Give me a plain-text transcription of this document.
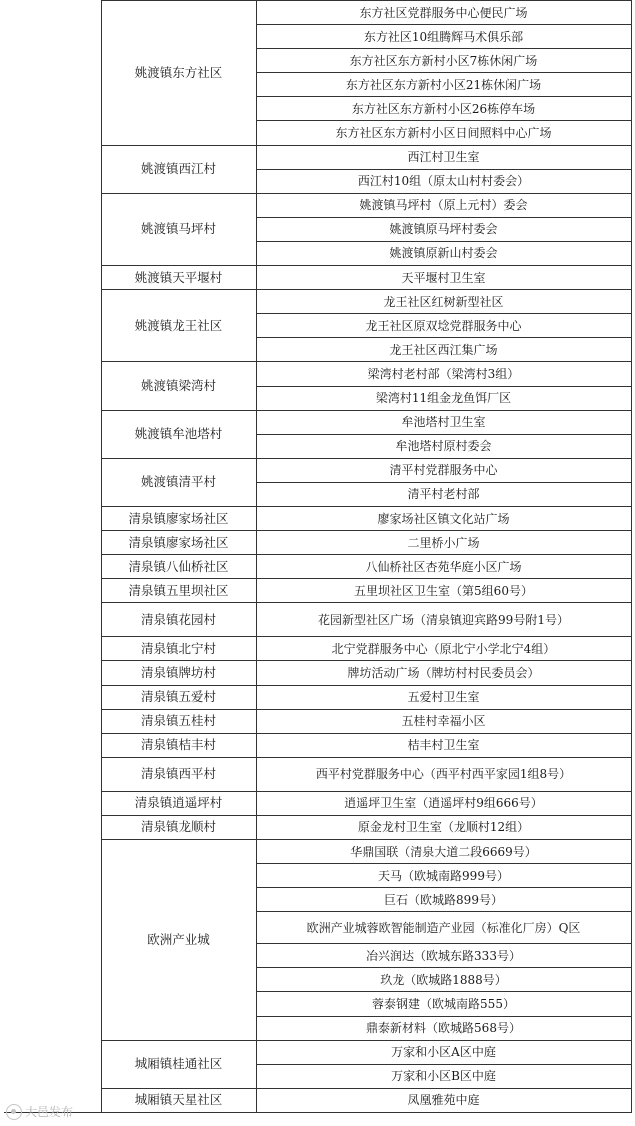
	姚渡镇东方社区	东方社区党群服务中心便民广场
		东方社区10组腾辉马术俱乐部
		东方社区东方新村小区7栋休闲广场
		东方社区东方新村小区21栋休闲广场
		东方社区东方新村小区26栋停车场
		东方社区东方新村小区日间照料中心广场
	姚渡镇西江村	西江村卫生室
		西江村10组（原太山村村委会）
	姚渡镇马坪村	姚渡镇马坪村（原上元村）委会
		姚渡镇原马坪村委会
		姚渡镇原新山村委会
	姚渡镇天平堰村	天平堰村卫生室
	姚渡镇龙王社区	龙王社区红树新型社区
		龙王社区原双埝党群服务中心
		龙王社区西江集广场
	姚渡镇梁湾村	梁湾村老村部（梁湾村3组）
		梁湾村11组金龙鱼饵厂区
	姚渡镇牟池塔村	牟池塔村卫生室
		牟池塔村原村委会
	姚渡镇清平村	清平村党群服务中心
		清平村老村部
	清泉镇廖家场社区	廖家场社区镇文化站广场
	清泉镇廖家场社区	二里桥小广场
	清泉镇八仙桥社区	八仙桥社区杏苑华庭小区广场
	清泉镇五里坝社区	五里坝社区卫生室（第5组60号）
	清泉镇花园村	花园新型社区广场（清泉镇迎宾路99号附1号）
	清泉镇北宁村	北宁党群服务中心（原北宁小学北宁4组）
	清泉镇牌坊村	牌坊活动广场（牌坊村村民委员会）
	清泉镇五爱村	五爱村卫生室
	清泉镇五桂村	五桂村幸福小区
	清泉镇桔丰村	桔丰村卫生室
	清泉镇西平村	西平村党群服务中心（西平村西平家园1组8号）
	清泉镇逍遥坪村	逍遥坪卫生室（逍遥坪村9组666号）
	清泉镇龙顺村	原金龙村卫生室（龙顺村12组）
	欧洲产业城	华鼎国联（清泉大道二段6669号）
		天马（欧城南路999号）
		巨石（欧城路899号）
		欧洲产业城蓉欧智能制造产业园（标准化厂房）Q区
		冶兴润达（欧城东路333号）
		玖龙（欧城路1888号）
		蓉泰钢建（欧城南路555）
		鼎泰新材料（欧城路568号）
	城厢镇桂通社区	万家和小区A区中庭
		万家和小区B区中庭
	城厢镇天星社区	凤凰雅苑中庭
大邑发布
